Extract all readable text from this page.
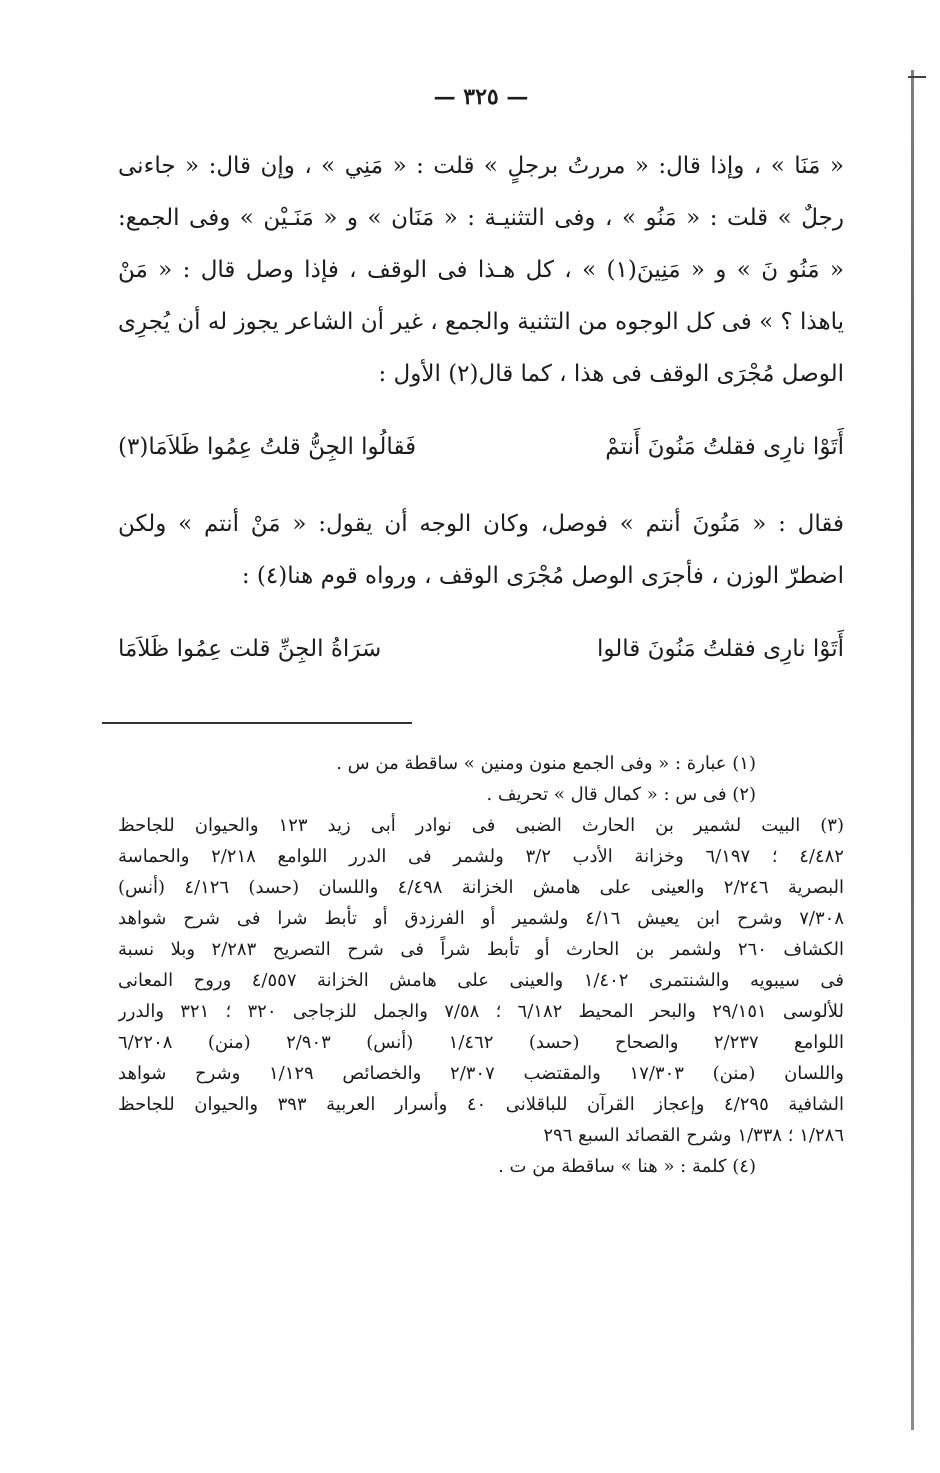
— ٣٢٥ —
« مَنَا » ، وإذا قال: « مررتُ برجلٍ » قلت : « مَنِي » ، وإن قال: « جاءنى
رجلٌ » قلت : « مَنُو » ، وفى التثنيـة : « مَنَان » و « مَنَـيْن » وفى الجمع:
« مَنُو نَ » و « مَنِينَ(١) » ، كل هـذا فى الوقف ، فإذا وصل قال : « مَنْ
ياهذا ؟ » فى كل الوجوه من التثنية والجمع ، غير أن الشاعر يجوز له أن يُجرِى
الوصل مُجْرَى الوقف فى هذا ، كما قال(٢) الأول :
أَتَوْا نارِى فقلتُ مَنُونَ أَنتمْ
فَقالُوا الجِنُّ قلتُ عِمُوا ظَلاَمَا(٣)
فقال : « مَنُونَ أنتم » فوصل، وكان الوجه أن يقول: « مَنْ أنتم » ولكن
اضطرّ الوزن ، فأجرَى الوصل مُجْرَى الوقف ، ورواه قوم هنا(٤) :
أَتَوْا نارِى فقلتُ مَنُونَ قالوا
سَرَاةُ الجِنِّ قلت عِمُوا ظَلاَمَا
(١) عبارة : « وفى الجمع منون ومنين » ساقطة من س .
(٢) فى س : « كمال قال » تحريف .
(٣) البيت لشمير بن الحارث الضبى فى نوادر أبى زيد ١٢٣ والحيوان للجاحظ
٤/٤٨٢ ؛ ٦/١٩٧ وخزانة الأدب ٣/٢ ولشمر فى الدرر اللوامع ٢/٢١٨ والحماسة
البصرية ٢/٢٤٦ والعينى على هامش الخزانة ٤/٤٩٨ واللسان (حسد) ٤/١٢٦ (أنس)
٧/٣٠٨ وشرح ابن يعيش ٤/١٦ ولشمير أو الفرزدق أو تأبط شرا فى شرح شواهد
الكشاف ٢٦٠ ولشمر بن الحارث أو تأبط شراً فى شرح التصريح ٢/٢٨٣ وبلا نسبة
فى سيبويه والشنتمرى ١/٤٠٢ والعينى على هامش الخزانة ٤/٥٥٧ وروح المعانى
للألوسى ٢٩/١٥١ والبحر المحيط ٦/١٨٢ ؛ ٧/٥٨ والجمل للزجاجى ٣٢٠ ؛ ٣٢١ والدرر
اللوامع ٢/٢٣٧ والصحاح (حسد) ١/٤٦٢ (أنس) ٢/٩٠٣ (منن) ٦/٢٢٠٨
واللسان (منن) ١٧/٣٠٣ والمقتضب ٢/٣٠٧ والخصائص ١/١٢٩ وشرح شواهد
الشافية ٤/٢٩٥ وإعجاز القرآن للباقلانى ٤٠ وأسرار العربية ٣٩٣ والحيوان للجاحظ
١/٢٨٦ ؛ ١/٣٣٨ وشرح القصائد السبع ٢٩٦
(٤) كلمة : « هنا » ساقطة من ت .
